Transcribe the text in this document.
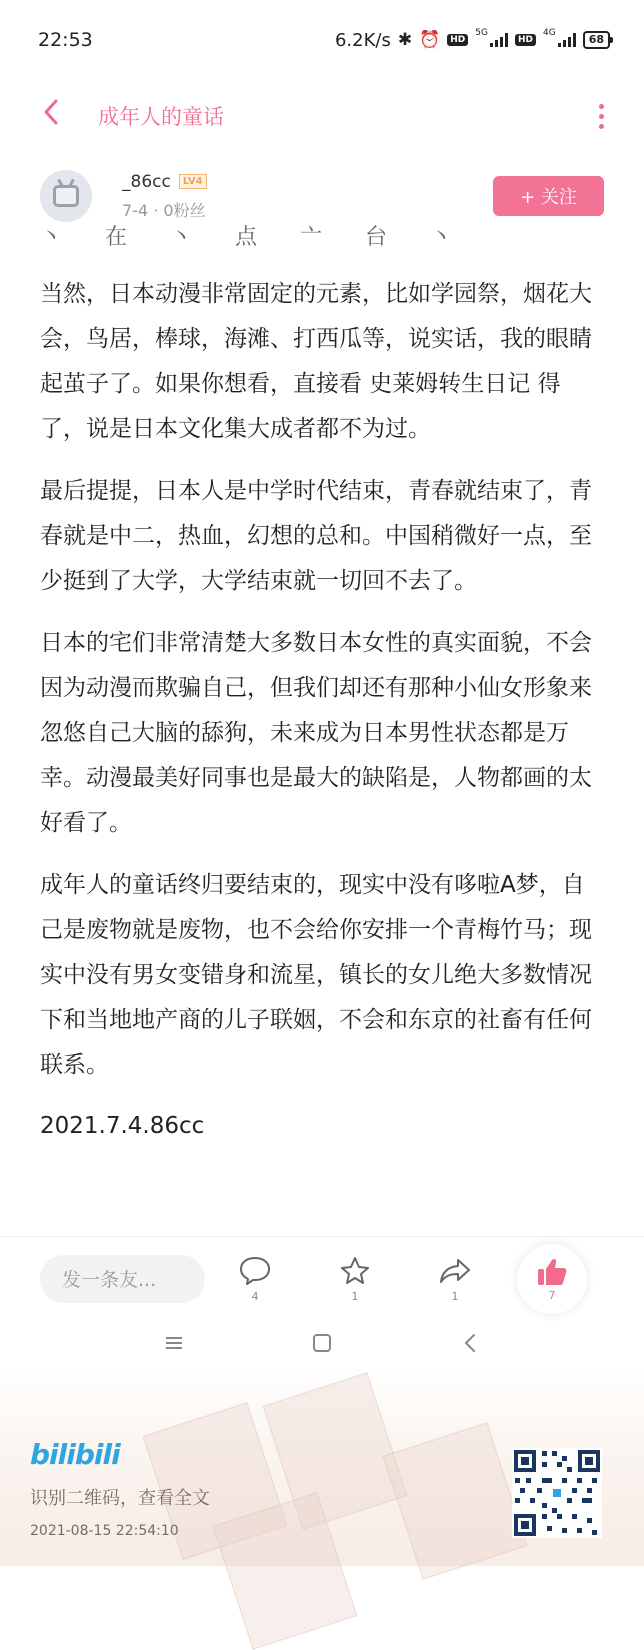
22:53	6.2K/s ✱ ⏰	HD
5G
HD
4G	68
成年人的童话
_86cc	LV4
7-4 · 0粉丝
+ 关注
丶 在 丶 点 亠 台 丶

当然，日本动漫非常固定的元素，比如学园祭，烟花大会，鸟居，棒球，海滩、打西瓜等，说实话，我的眼睛起茧子了。如果你想看，直接看 史莱姆转生日记 得了，说是日本文化集大成者都不为过。

最后提提，日本人是中学时代结束，青春就结束了，青春就是中二，热血，幻想的总和。中国稍微好一点，至少挺到了大学，大学结束就一切回不去了。

日本的宅们非常清楚大多数日本女性的真实面貌，不会因为动漫而欺骗自己，但我们却还有那种小仙女形象来忽悠自己大脑的舔狗，未来成为日本男性状态都是万幸。动漫最美好同事也是最大的缺陷是，人物都画的太好看了。

成年人的童话终归要结束的，现实中没有哆啦A梦，自己是废物就是废物，也不会给你安排一个青梅竹马；现实中没有男女变错身和流星，镇长的女儿绝大多数情况下和当地地产商的儿子联姻，不会和东京的社畜有任何联系。

2021.7.4.86cc

发一条友...
4	1	1	7
bilibili
识别二维码，查看全文
2021-08-15 22:54:10
